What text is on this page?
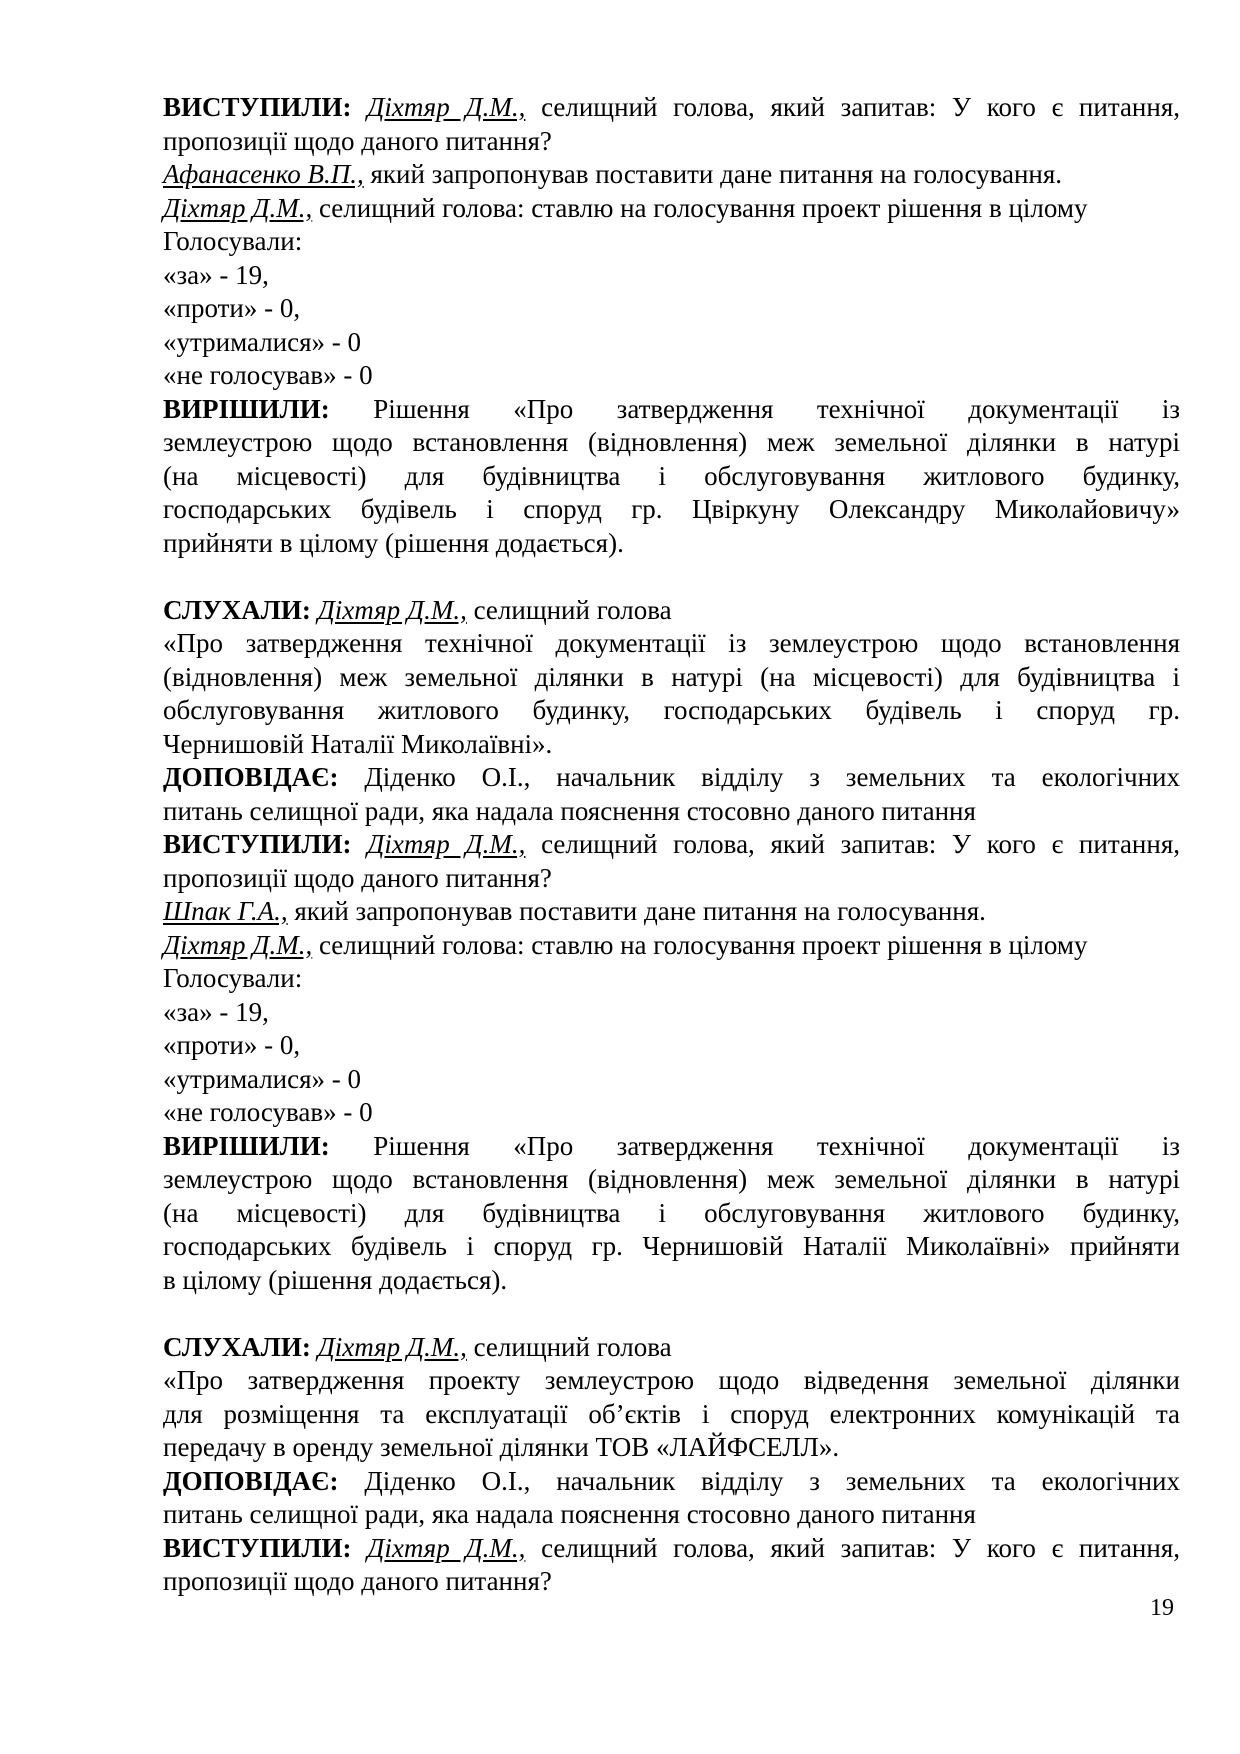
ВИСТУПИЛИ: Діхтяр Д.М., селищний голова, який запитав: У кого є питання,

пропозиції щодо даного питання?

Афанасенко В.П., який запропонував поставити дане питання на голосування.

Діхтяр Д.М., селищний голова: ставлю на голосування проект рішення в цілому

Голосували:

«за» - 19,

«проти» - 0,

«утрималися» - 0

«не голосував» - 0

ВИРІШИЛИ: Рішення «Про затвердження технічної документації із

землеустрою щодо встановлення (відновлення) меж земельної ділянки в натурі

(на місцевості) для будівництва і обслуговування житлового будинку,

господарських будівель і споруд гр. Цвіркуну Олександру Миколайовичу»

прийняти в цілому (рішення додається).

СЛУХАЛИ: Діхтяр Д.М., селищний голова

«Про затвердження технічної документації із землеустрою щодо встановлення

(відновлення) меж земельної ділянки в натурі (на місцевості) для будівництва і

обслуговування житлового будинку, господарських будівель і споруд гр.

Чернишовій Наталії Миколаївні».

ДОПОВІДАЄ: Діденко О.І., начальник відділу з земельних та екологічних

питань селищної ради, яка надала пояснення стосовно даного питання

ВИСТУПИЛИ: Діхтяр Д.М., селищний голова, який запитав: У кого є питання,

пропозиції щодо даного питання?

Шпак Г.А., який запропонував поставити дане питання на голосування.

Діхтяр Д.М., селищний голова: ставлю на голосування проект рішення в цілому

Голосували:

«за» - 19,

«проти» - 0,

«утрималися» - 0

«не голосував» - 0

ВИРІШИЛИ: Рішення «Про затвердження технічної документації із

землеустрою щодо встановлення (відновлення) меж земельної ділянки в натурі

(на місцевості) для будівництва і обслуговування житлового будинку,

господарських будівель і споруд гр. Чернишовій Наталії Миколаївні» прийняти

в цілому (рішення додається).

СЛУХАЛИ: Діхтяр Д.М., селищний голова

«Про затвердження проекту землеустрою щодо відведення земельної ділянки

для розміщення та експлуатації об’єктів і споруд електронних комунікацій та

передачу в оренду земельної ділянки ТОВ «ЛАЙФСЕЛЛ».

ДОПОВІДАЄ: Діденко О.І., начальник відділу з земельних та екологічних

питань селищної ради, яка надала пояснення стосовно даного питання

ВИСТУПИЛИ: Діхтяр Д.М., селищний голова, який запитав: У кого є питання,

пропозиції щодо даного питання?

19
